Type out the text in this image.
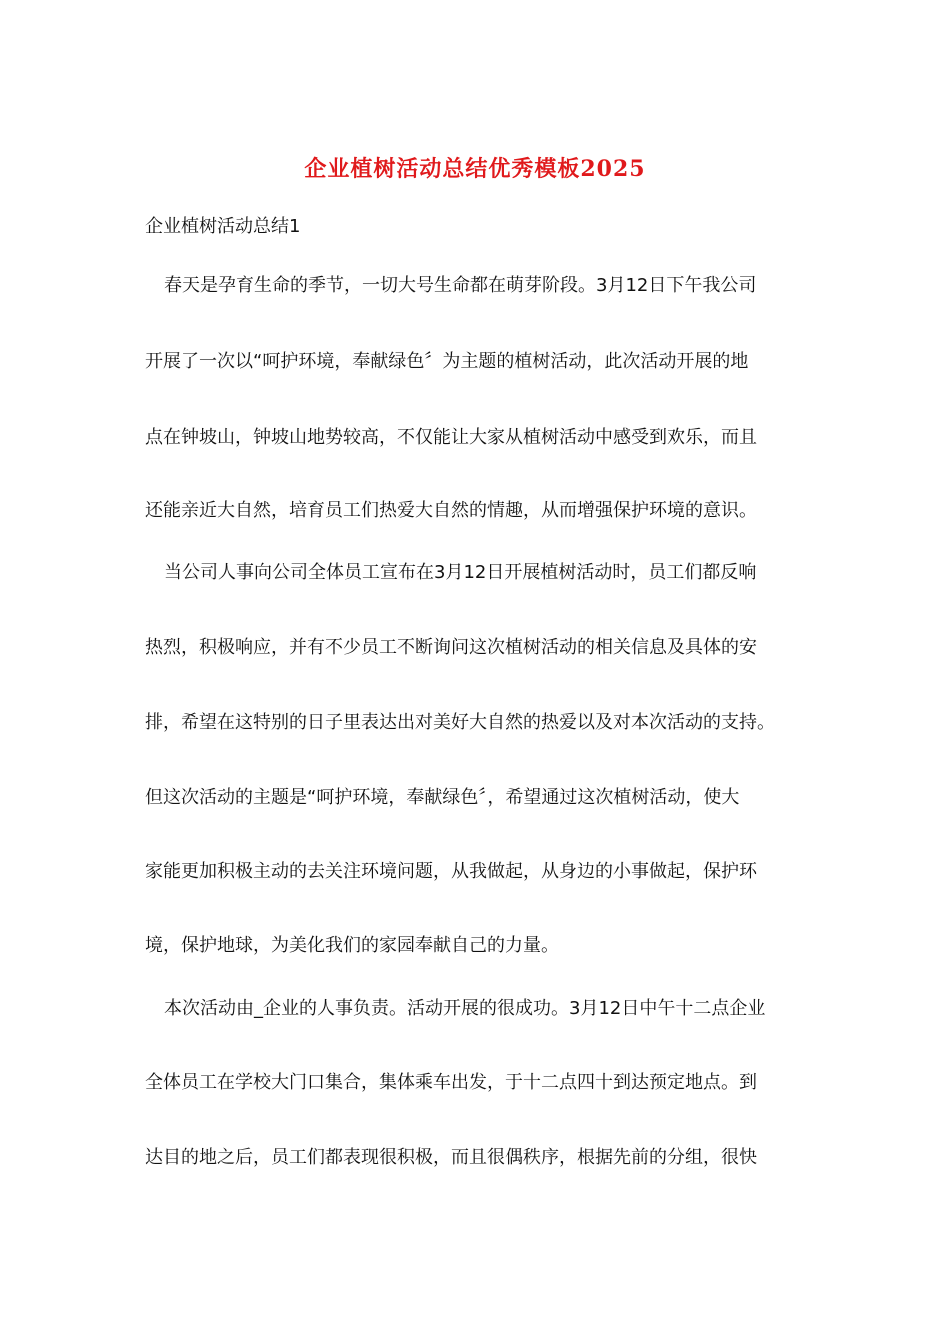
企业植树活动总结优秀模板2025

企业植树活动总结1

春天是孕育生命的季节，一切大号生命都在萌芽阶段。3月12日下午我公司

开展了一次以“呵护环境，奉献绿色〞为主题的植树活动，此次活动开展的地

点在钟坡山，钟坡山地势较高，不仅能让大家从植树活动中感受到欢乐，而且

还能亲近大自然，培育员工们热爱大自然的情趣，从而增强保护环境的意识。

当公司人事向公司全体员工宣布在3月12日开展植树活动时，员工们都反响

热烈，积极响应，并有不少员工不断询问这次植树活动的相关信息及具体的安

排，希望在这特别的日子里表达出对美好大自然的热爱以及对本次活动的支持。

但这次活动的主题是“呵护环境，奉献绿色〞，希望通过这次植树活动，使大

家能更加积极主动的去关注环境问题，从我做起，从身边的小事做起，保护环

境，保护地球，为美化我们的家园奉献自己的力量。

本次活动由_企业的人事负责。活动开展的很成功。3月12日中午十二点企业

全体员工在学校大门口集合，集体乘车出发，于十二点四十到达预定地点。到

达目的地之后，员工们都表现很积极，而且很偶秩序，根据先前的分组，很快
